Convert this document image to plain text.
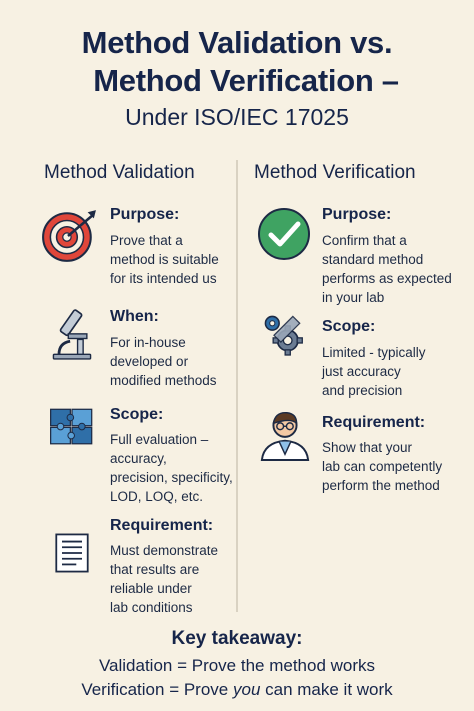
Method Validation vs.
Method Verification –
Under ISO/IEC 17025
Method Validation	Method Verification
Purpose:
Prove that a
method is suitable
for its intended us
When:
For in-house
developed or
modified methods
Scope:
Full evaluation –
accuracy,
precision, specificity,
LOD, LOQ, etc.
Requirement:
Must demonstrate
that results are
reliable under
lab conditions
Purpose:
Confirm that a
standard method
performs as expected
in your lab
Scope:
Limited - typically
just accuracy
and precision
Requirement:
Show that your
lab can competently
perform the method
Key takeaway:
Validation = Prove the method works
Verification = Prove you can make it work
